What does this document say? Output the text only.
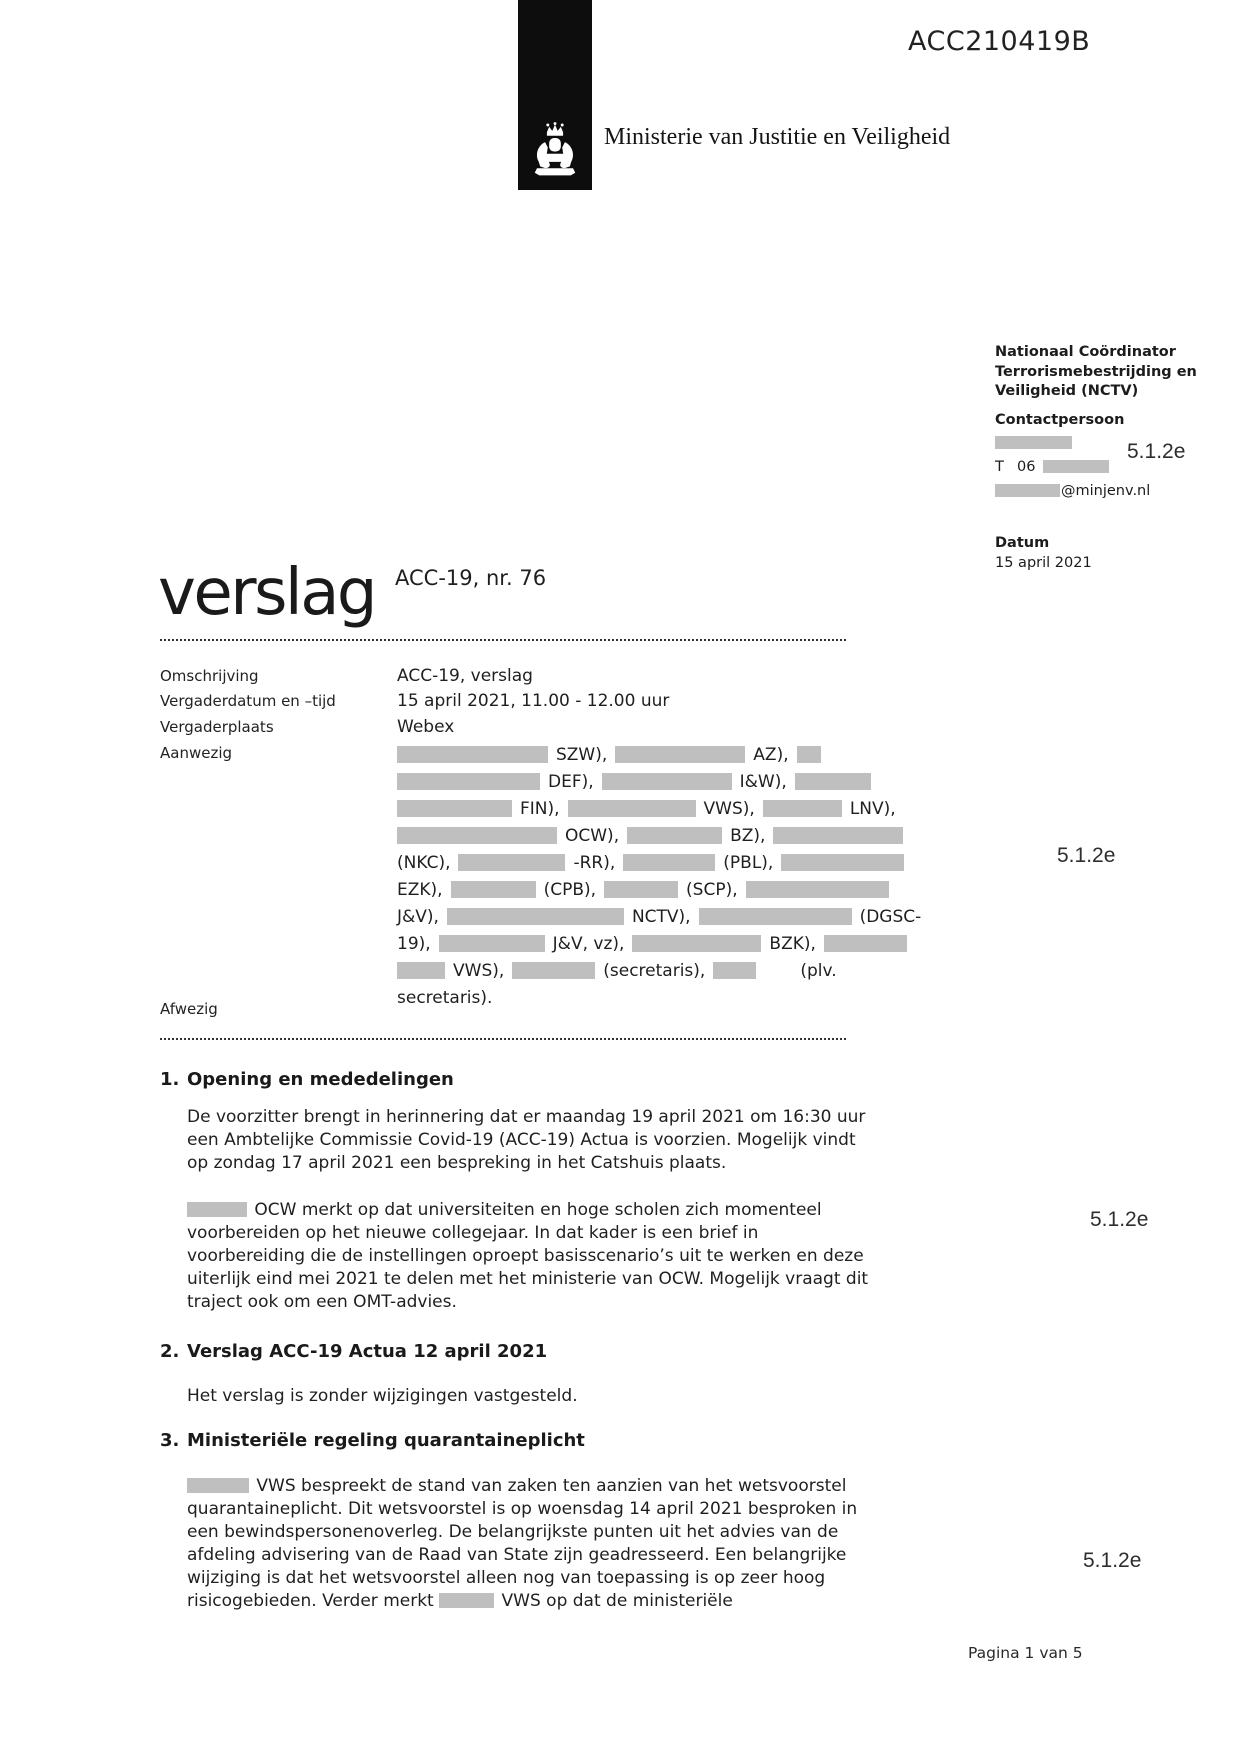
ACC210419B
Ministerie van Justitie en Veiligheid
Nationaal Coördinator
Terrorismebestrijding en
Veiligheid (NCTV)
Contactpersoon
T 06
@minjenv.nl
Datum
15 april 2021
5.1.2e
5.1.2e
5.1.2e
5.1.2e
verslag ACC-19, nr. 76
Omschrijving	ACC-19, verslag
Vergaderdatum en –tijd	15 april 2021, 11.00 - 12.00 uur
Vergaderplaats	Webex
Aanwezig	SZW),	AZ),
DEF),	I&W),
FIN),	VWS),	LNV),
OCW),	BZ),
(NKC),	-RR),	(PBL),
EZK),	(CPB),	(SCP),
J&V),	NCTV),	(DGSC-
19),	J&V, vz),	BZK),
VWS),	(secretaris),	(plv.
secretaris).
Afwezig
1. Opening en mededelingen
De voorzitter brengt in herinnering dat er maandag 19 april 2021 om 16:30 uur een Ambtelijke Commissie Covid-19 (ACC-19) Actua is voorzien. Mogelijk vindt op zondag 17 april 2021 een bespreking in het Catshuis plaats.
OCW merkt op dat universiteiten en hoge scholen zich momenteel voorbereiden op het nieuwe collegejaar. In dat kader is een brief in voorbereiding die de instellingen oproept basisscenario’s uit te werken en deze uiterlijk eind mei 2021 te delen met het ministerie van OCW. Mogelijk vraagt dit traject ook om een OMT-advies.
2. Verslag ACC-19 Actua 12 april 2021
Het verslag is zonder wijzigingen vastgesteld.
3. Ministeriële regeling quarantaineplicht
VWS bespreekt de stand van zaken ten aanzien van het wetsvoorstel quarantaineplicht. Dit wetsvoorstel is op woensdag 14 april 2021 besproken in een bewindspersonenoverleg. De belangrijkste punten uit het advies van de afdeling advisering van de Raad van State zijn geadresseerd. Een belangrijke wijziging is dat het wetsvoorstel alleen nog van toepassing is op zeer hoog risicogebieden. Verder merkt	VWS op dat de ministeriële
Pagina 1 van 5
